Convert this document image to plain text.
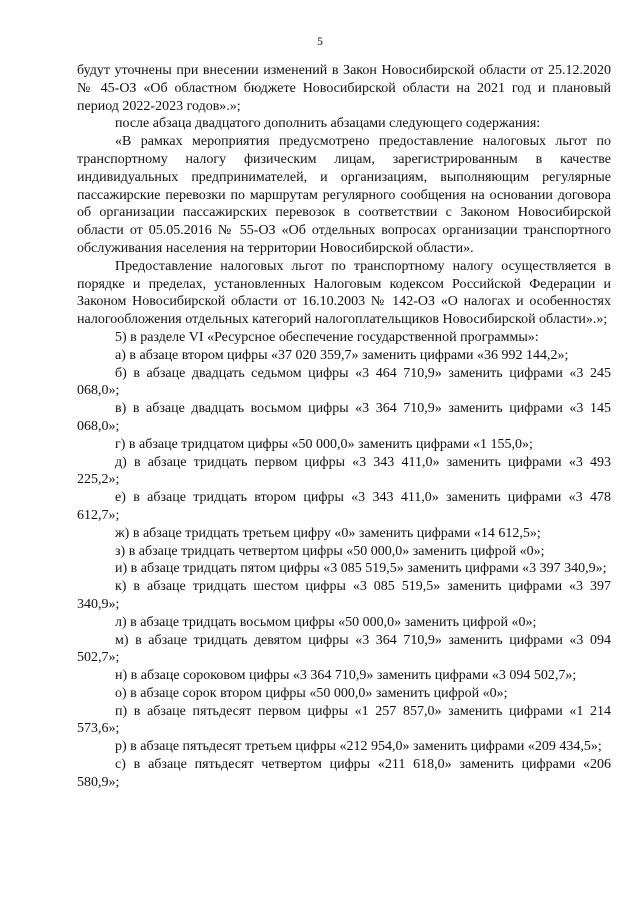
5

будут уточнены при внесении изменений в Закон Новосибирской области от 25.12.2020 № 45-ОЗ «Об областном бюджете Новосибирской области на 2021 год и плановый период 2022-2023 годов».»;

после абзаца двадцатого дополнить абзацами следующего содержания:

«В рамках мероприятия предусмотрено предоставление налоговых льгот по транспортному налогу физическим лицам, зарегистрированным в качестве индивидуальных предпринимателей, и организациям, выполняющим регулярные пассажирские перевозки по маршрутам регулярного сообщения на основании договора об организации пассажирских перевозок в соответствии с Законом Новосибирской области от 05.05.2016 № 55-ОЗ «Об отдельных вопросах организации транспортного обслуживания населения на территории Новосибирской области».

Предоставление налоговых льгот по транспортному налогу осуществляется в порядке и пределах, установленных Налоговым кодексом Российской Федерации и Законом Новосибирской области от 16.10.2003 № 142-ОЗ «О налогах и особенностях налогообложения отдельных категорий налогоплательщиков Новосибирской области».»;

5) в разделе VI «Ресурсное обеспечение государственной программы»:

а) в абзаце втором цифры «37 020 359,7» заменить цифрами «36 992 144,2»;

б) в абзаце двадцать седьмом цифры «3 464 710,9» заменить цифрами «3 245 068,0»;

в) в абзаце двадцать восьмом цифры «3 364 710,9» заменить цифрами «3 145 068,0»;

г) в абзаце тридцатом цифры «50 000,0» заменить цифрами «1 155,0»;

д) в абзаце тридцать первом цифры «3 343 411,0» заменить цифрами «3 493 225,2»;

е) в абзаце тридцать втором цифры «3 343 411,0» заменить цифрами «3 478 612,7»;

ж) в абзаце тридцать третьем цифру «0» заменить цифрами «14 612,5»;

з) в абзаце тридцать четвертом цифры «50 000,0» заменить цифрой «0»;

и) в абзаце тридцать пятом цифры «3 085 519,5» заменить цифрами «3 397 340,9»;

к) в абзаце тридцать шестом цифры «3 085 519,5» заменить цифрами «3 397 340,9»;

л) в абзаце тридцать восьмом цифры «50 000,0» заменить цифрой «0»;

м) в абзаце тридцать девятом цифры «3 364 710,9» заменить цифрами «3 094 502,7»;

н) в абзаце сороковом цифры «3 364 710,9» заменить цифрами «3 094 502,7»;

о) в абзаце сорок втором цифры «50 000,0» заменить цифрой «0»;

п) в абзаце пятьдесят первом цифры «1 257 857,0» заменить цифрами «1 214 573,6»;

р) в абзаце пятьдесят третьем цифры «212 954,0» заменить цифрами «209 434,5»;

с) в абзаце пятьдесят четвертом цифры «211 618,0» заменить цифрами «206 580,9»;
